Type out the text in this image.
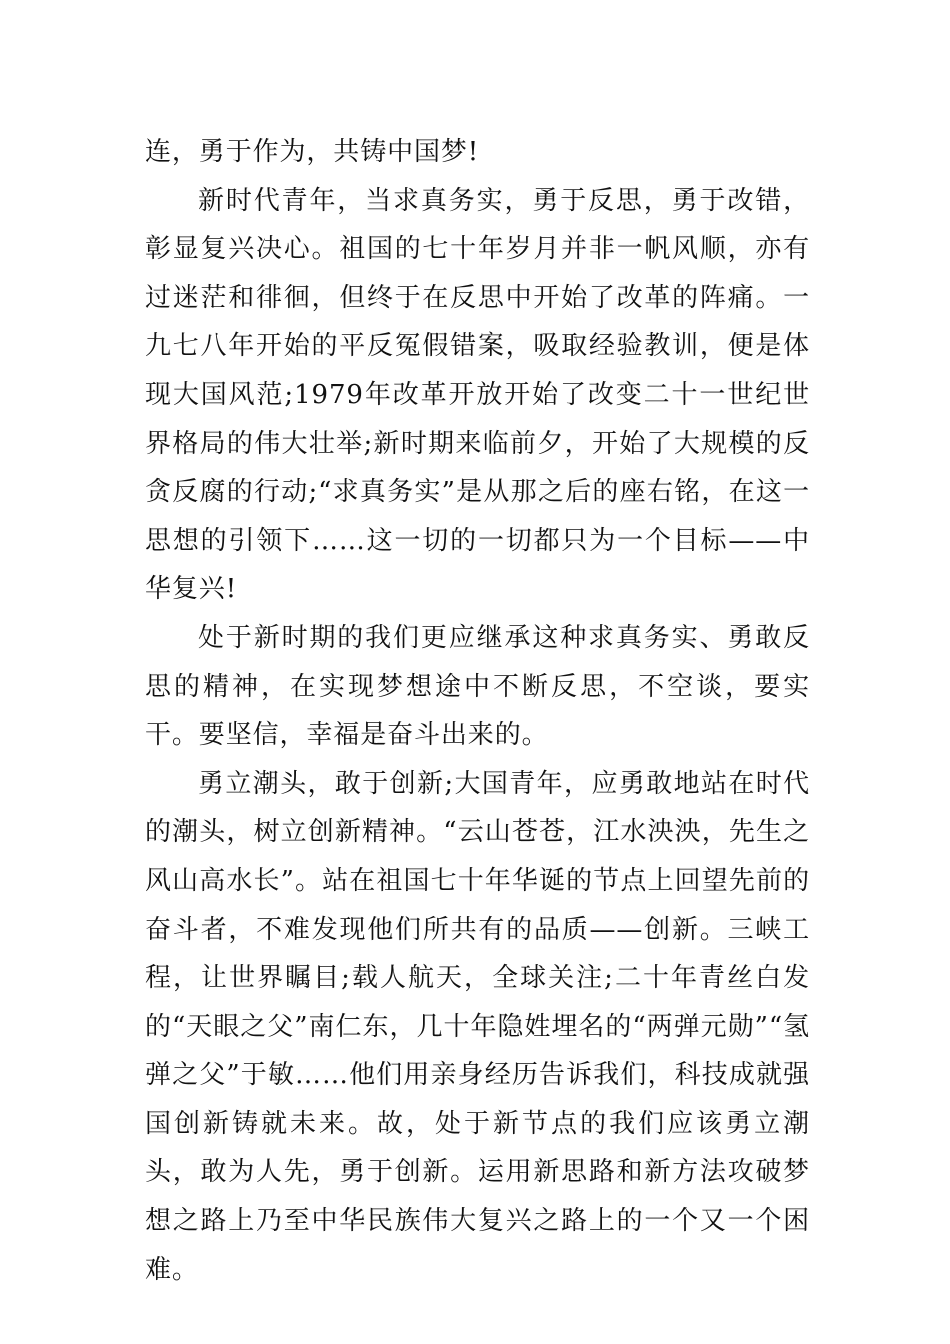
连，勇于作为，共铸中国梦!

新时代青年，当求真务实，勇于反思，勇于改错，彰显复兴决心。祖国的七十年岁月并非一帆风顺，亦有过迷茫和徘徊，但终于在反思中开始了改革的阵痛。一九七八年开始的平反冤假错案，吸取经验教训，便是体现大国风范;1979年改革开放开始了改变二十一世纪世界格局的伟大壮举;新时期来临前夕，开始了大规模的反贪反腐的行动;“求真务实”是从那之后的座右铭，在这一思想的引领下……这一切的一切都只为一个目标——中华复兴!

处于新时期的我们更应继承这种求真务实、勇敢反思的精神，在实现梦想途中不断反思，不空谈，要实干。要坚信，幸福是奋斗出来的。

勇立潮头，敢于创新;大国青年，应勇敢地站在时代的潮头，树立创新精神。“云山苍苍，江水泱泱，先生之风山高水长”。站在祖国七十年华诞的节点上回望先前的奋斗者，不难发现他们所共有的品质——创新。三峡工程，让世界瞩目;载人航天，全球关注;二十年青丝白发的“天眼之父”南仁东，几十年隐姓埋名的“两弹元勋”“氢弹之父”于敏……他们用亲身经历告诉我们，科技成就强国创新铸就未来。故，处于新节点的我们应该勇立潮头，敢为人先，勇于创新。运用新思路和新方法攻破梦想之路上乃至中华民族伟大复兴之路上的一个又一个困难。
